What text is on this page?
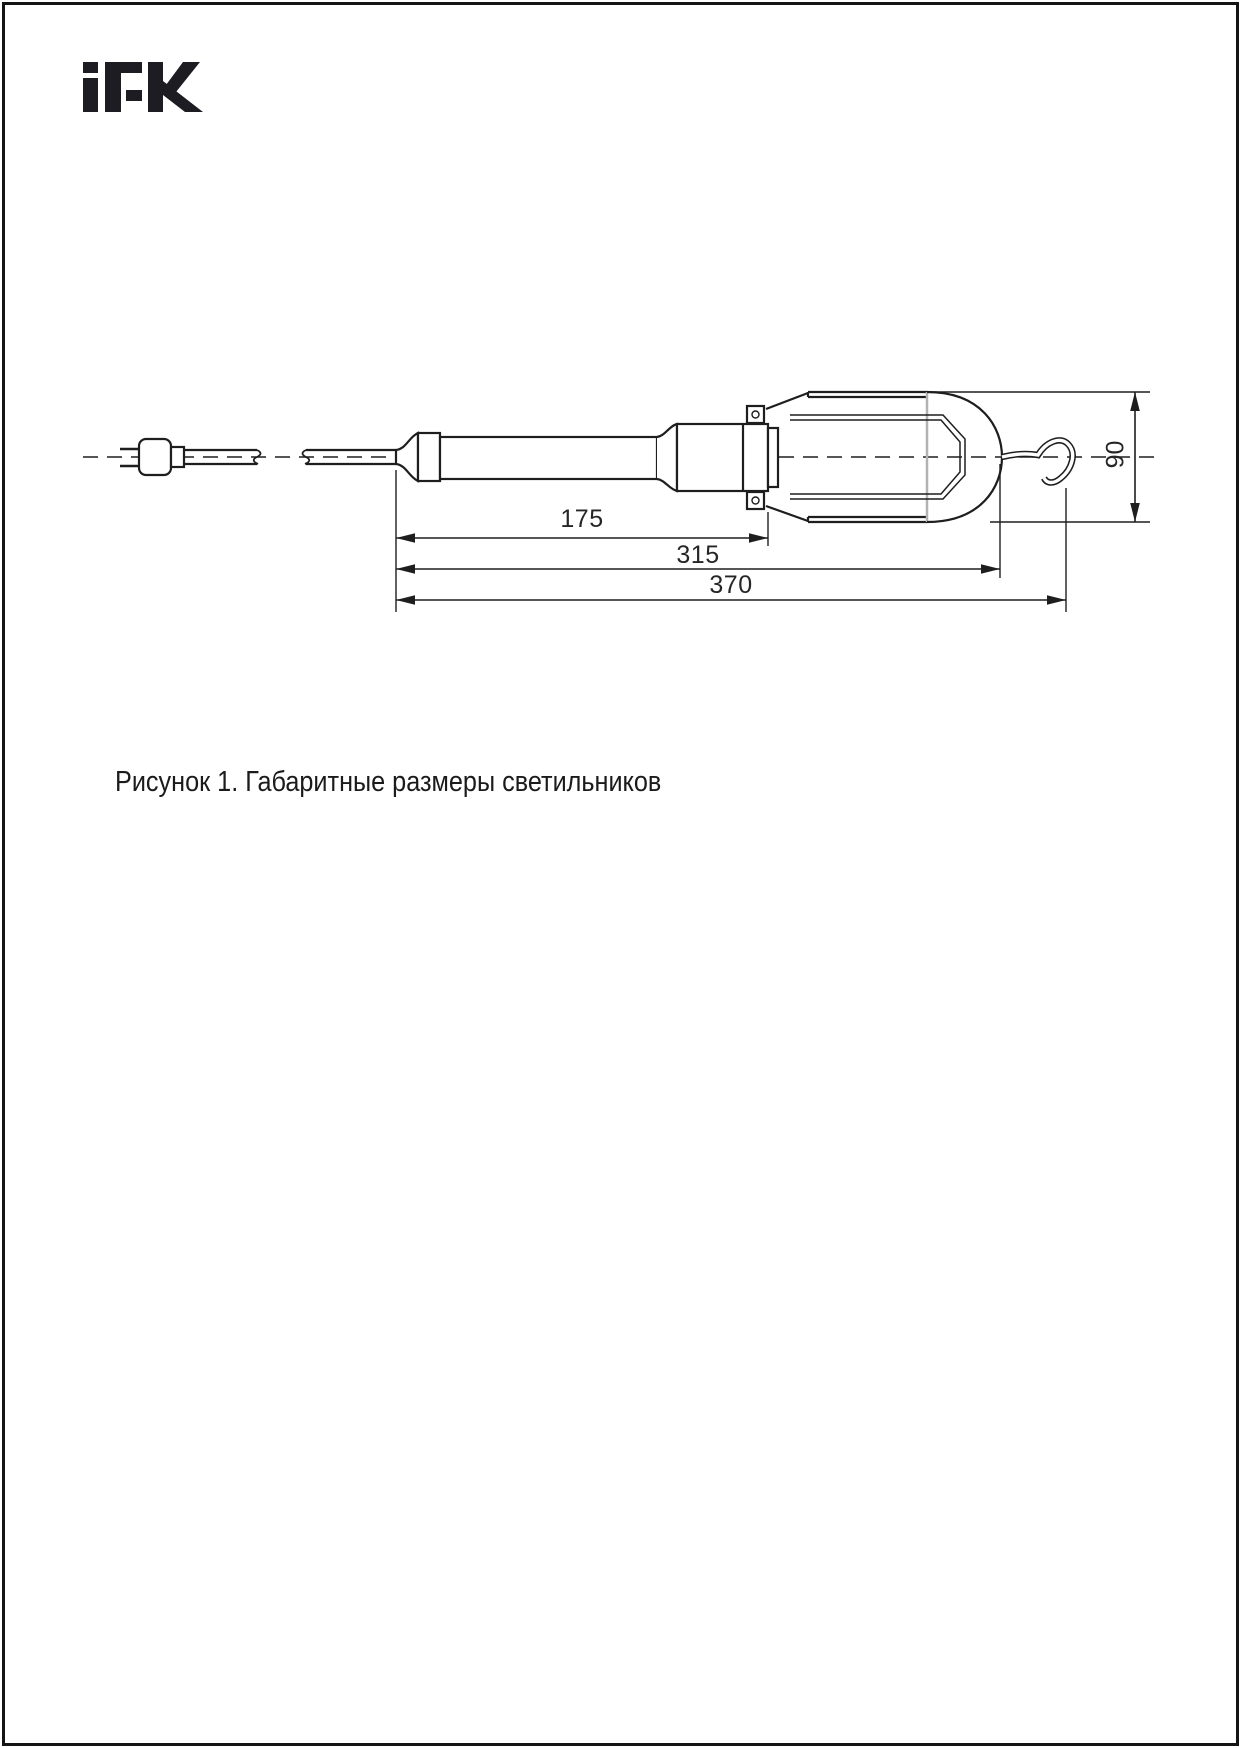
175
315
370
90
Рисунок 1. Габаритные размеры светильников
